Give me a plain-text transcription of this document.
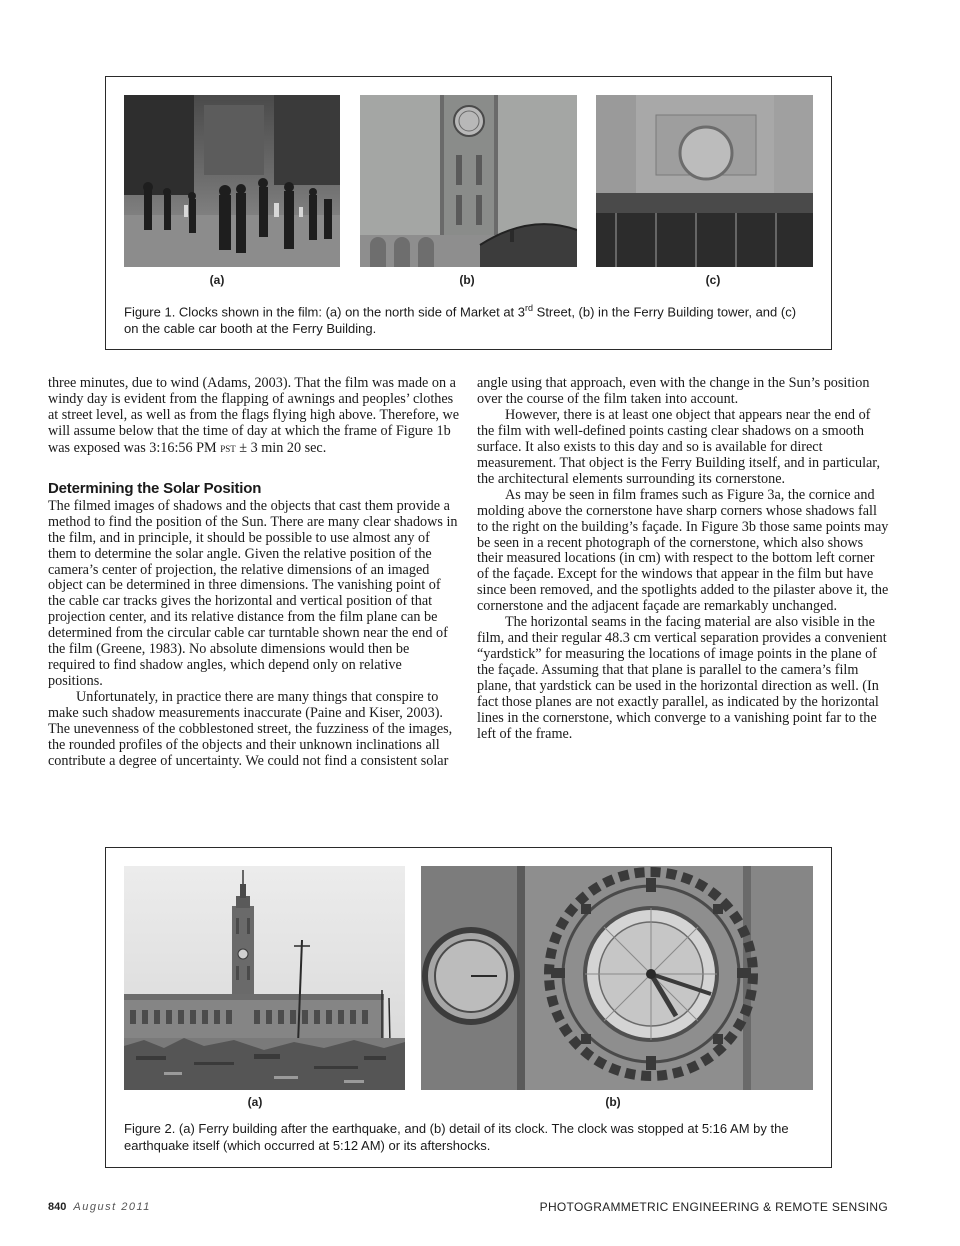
(a)	(b)	(c)
Figure 1. Clocks shown in the film: (a) on the north side of Market at 3rd Street, (b) in the Ferry Building tower, and (c) on the cable car booth at the Ferry Building.

three minutes, due to wind (Adams, 2003). That the film was made on a windy day is evident from the flapping of awnings and peoples’ clothes at street level, as well as from the flags flying high above. Therefore, we will assume below that the time of day at which the frame of Figure 1b was exposed was 3:16:56 PM pst ± 3 min 20 sec.

Determining the Solar Position

The filmed images of shadows and the objects that cast them provide a method to find the position of the Sun. There are many clear shadows in the film, and in principle, it should be possible to use almost any of them to determine the solar angle. Given the relative position of the camera’s center of projection, the relative dimensions of an imaged object can be determined in three dimensions. The vanishing point of the cable car tracks gives the horizontal and vertical position of that projection center, and its relative distance from the film plane can be determined from the circular cable car turntable shown near the end of the film (Greene, 1983). No absolute dimensions would then be required to find shadow angles, which depend only on relative positions.

Unfortunately, in practice there are many things that conspire to make such shadow measurements inaccurate (Paine and Kiser, 2003). The unevenness of the cobblestoned street, the fuzziness of the images, the rounded profiles of the objects and their unknown inclinations all contribute a degree of uncertainty. We could not find a consistent solar

angle using that approach, even with the change in the Sun’s position over the course of the film taken into account.

However, there is at least one object that appears near the end of the film with well-defined points casting clear shadows on a smooth surface. It also exists to this day and so is available for direct measurement. That object is the Ferry Building itself, and in particular, the architectural elements surrounding its cornerstone.

As may be seen in film frames such as Figure 3a, the cornice and molding above the cornerstone have sharp corners whose shadows fall to the right on the building’s façade. In Figure 3b those same points may be seen in a recent photograph of the cornerstone, which also shows their measured locations (in cm) with respect to the bottom left corner of the façade. Except for the windows that appear in the film but have since been removed, and the spotlights added to the pilaster above it, the cornerstone and the adjacent façade are remarkably unchanged.

The horizontal seams in the facing material are also visible in the film, and their regular 48.3 cm vertical separation provides a convenient “yardstick” for measuring the locations of image points in the plane of the façade. Assuming that that plane is parallel to the camera’s film plane, that yardstick can be used in the horizontal direction as well. (In fact those planes are not exactly parallel, as indicated by the horizontal lines in the cornerstone, which converge to a vanishing point far to the left of the frame.

(a)	(b)
Figure 2. (a) Ferry building after the earthquake, and (b) detail of its clock. The clock was stopped at 5:16 AM by the earthquake itself (which occurred at 5:12 AM) or its aftershocks.
840 August 2011	PHOTOGRAMMETRIC ENGINEERING & REMOTE SENSING
